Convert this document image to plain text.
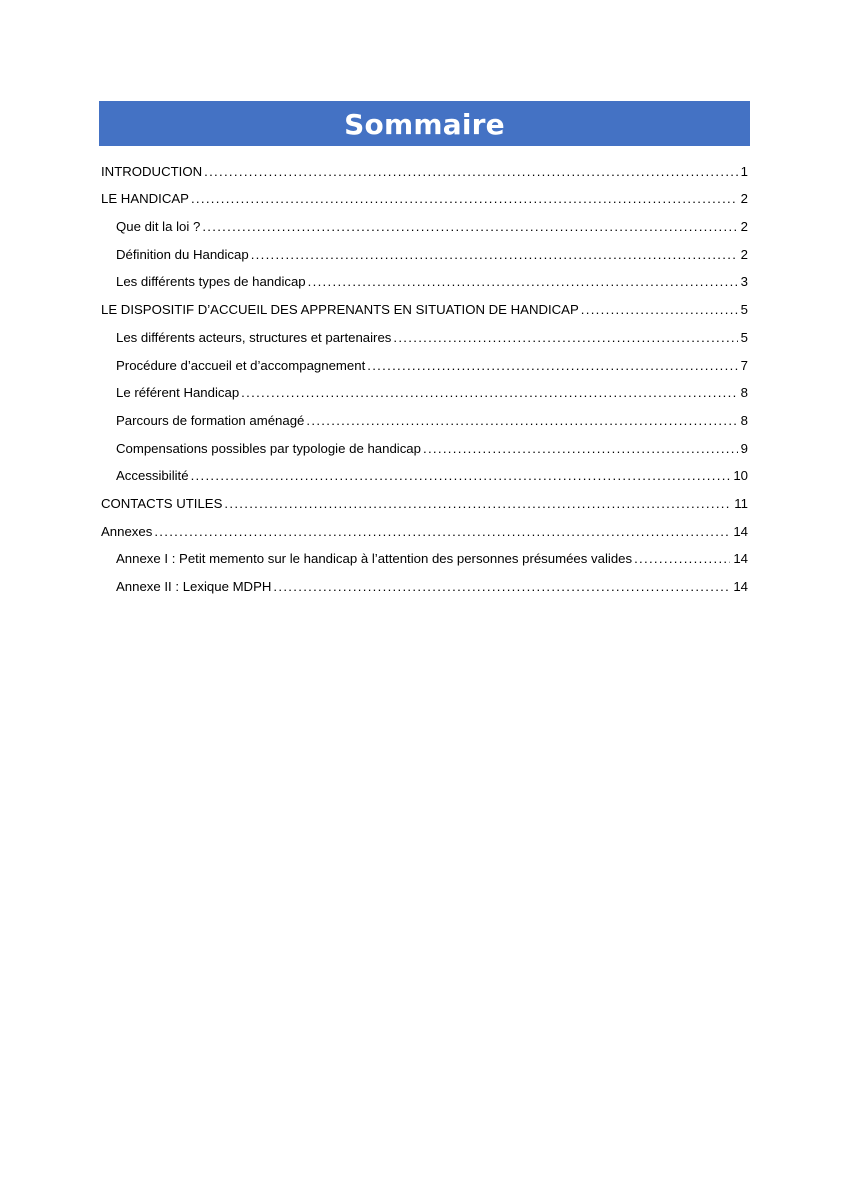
Sommaire
INTRODUCTION .....	1
LE HANDICAP .....	2
Que dit la loi ? .....	2
Définition du Handicap .....	2
Les différents types de handicap .....	3
LE DISPOSITIF D’ACCUEIL DES APPRENANTS EN SITUATION DE HANDICAP .....	5
Les différents acteurs, structures et partenaires .....	5
Procédure d’accueil et d’accompagnement .....	7
Le référent Handicap .....	8
Parcours de formation aménagé .....	8
Compensations possibles par typologie de handicap .....	9
Accessibilité .....	10
CONTACTS UTILES .....	11
Annexes .....	14
Annexe I : Petit memento sur le handicap à l’attention des personnes présumées valides .....	14
Annexe II : Lexique MDPH .....	14
